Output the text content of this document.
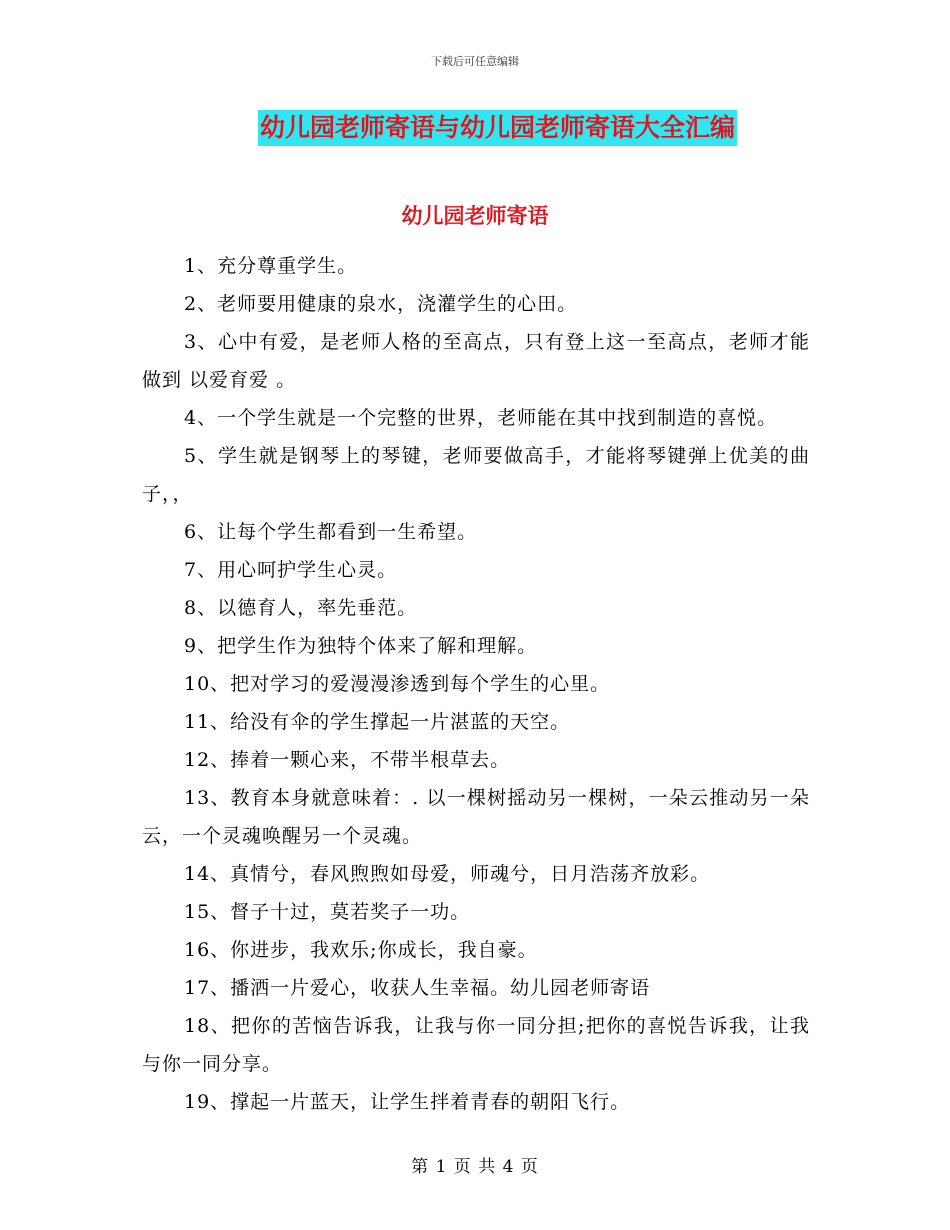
下载后可任意编辑
幼儿园老师寄语与幼儿园老师寄语大全汇编
幼儿园老师寄语

1、充分尊重学生。

2、老师要用健康的泉水，浇灌学生的心田。

3、心中有爱，是老师人格的至高点，只有登上这一至高点，老师才能做到 以爱育爱 。

4、一个学生就是一个完整的世界，老师能在其中找到制造的喜悦。

5、学生就是钢琴上的琴键，老师要做高手，才能将琴键弹上优美的曲子，，

6、让每个学生都看到一生希望。

7、用心呵护学生心灵。

8、以德育人，率先垂范。

9、把学生作为独特个体来了解和理解。

10、把对学习的爱漫漫渗透到每个学生的心里。

11、给没有伞的学生撑起一片湛蓝的天空。

12、捧着一颗心来，不带半根草去。

13、教育本身就意味着：. 以一棵树摇动另一棵树，一朵云推动另一朵云，一个灵魂唤醒另一个灵魂。

14、真情兮，春风煦煦如母爱，师魂兮，日月浩荡齐放彩。

15、督子十过，莫若奖子一功。

16、你进步，我欢乐;你成长，我自豪。

17、播洒一片爱心，收获人生幸福。幼儿园老师寄语

18、把你的苦恼告诉我，让我与你一同分担;把你的喜悦告诉我，让我与你一同分享。

19、撑起一片蓝天，让学生拌着青春的朝阳飞行。

第 1 页 共 4 页
